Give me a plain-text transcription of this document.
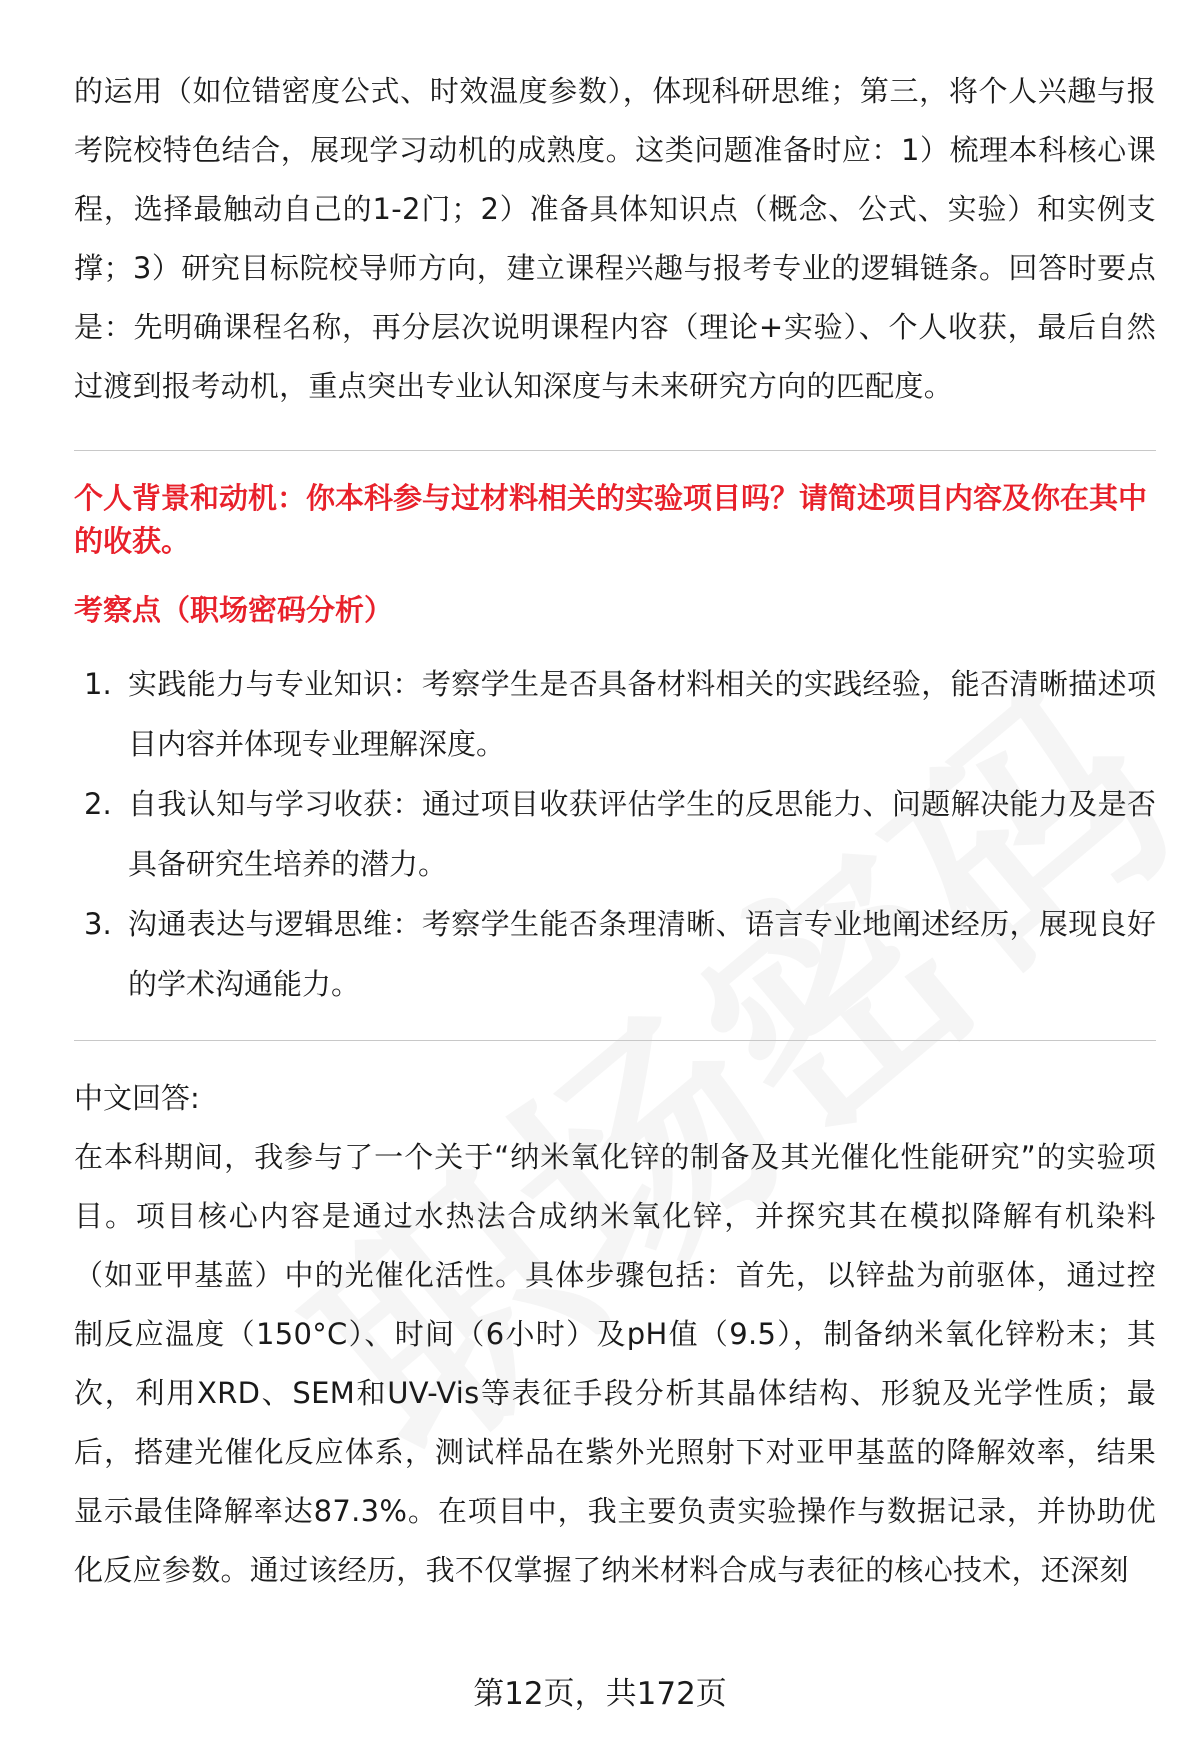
的运用（如位错密度公式、时效温度参数），体现科研思维；第三，将个人兴趣与报考院校特色结合，展现学习动机的成熟度。这类问题准备时应：1）梳理本科核心课程，选择最触动自己的1-2门；2）准备具体知识点（概念、公式、实验）和实例支撑；3）研究目标院校导师方向，建立课程兴趣与报考专业的逻辑链条。回答时要点是：先明确课程名称，再分层次说明课程内容（理论+实验）、个人收获，最后自然过渡到报考动机，重点突出专业认知深度与未来研究方向的匹配度。

个人背景和动机：你本科参与过材料相关的实验项目吗？请简述项目内容及你在其中的收获。

考察点（职场密码分析）

1. 实践能力与专业知识：考察学生是否具备材料相关的实践经验，能否清晰描述项目内容并体现专业理解深度。
2. 自我认知与学习收获：通过项目收获评估学生的反思能力、问题解决能力及是否具备研究生培养的潜力。
3. 沟通表达与逻辑思维：考察学生能否条理清晰、语言专业地阐述经历，展现良好的学术沟通能力。

中文回答:

在本科期间，我参与了一个关于“纳米氧化锌的制备及其光催化性能研究”的实验项目。项目核心内容是通过水热法合成纳米氧化锌，并探究其在模拟降解有机染料（如亚甲基蓝）中的光催化活性。具体步骤包括：首先，以锌盐为前驱体，通过控制反应温度（150°C）、时间（6小时）及pH值（9.5），制备纳米氧化锌粉末；其次，利用XRD、SEM和UV-Vis等表征手段分析其晶体结构、形貌及光学性质；最后，搭建光催化反应体系，测试样品在紫外光照射下对亚甲基蓝的降解效率，结果显示最佳降解率达87.3%。在项目中，我主要负责实验操作与数据记录，并协助优化反应参数。通过该经历，我不仅掌握了纳米材料合成与表征的核心技术，还深刻

第12页，共172页
